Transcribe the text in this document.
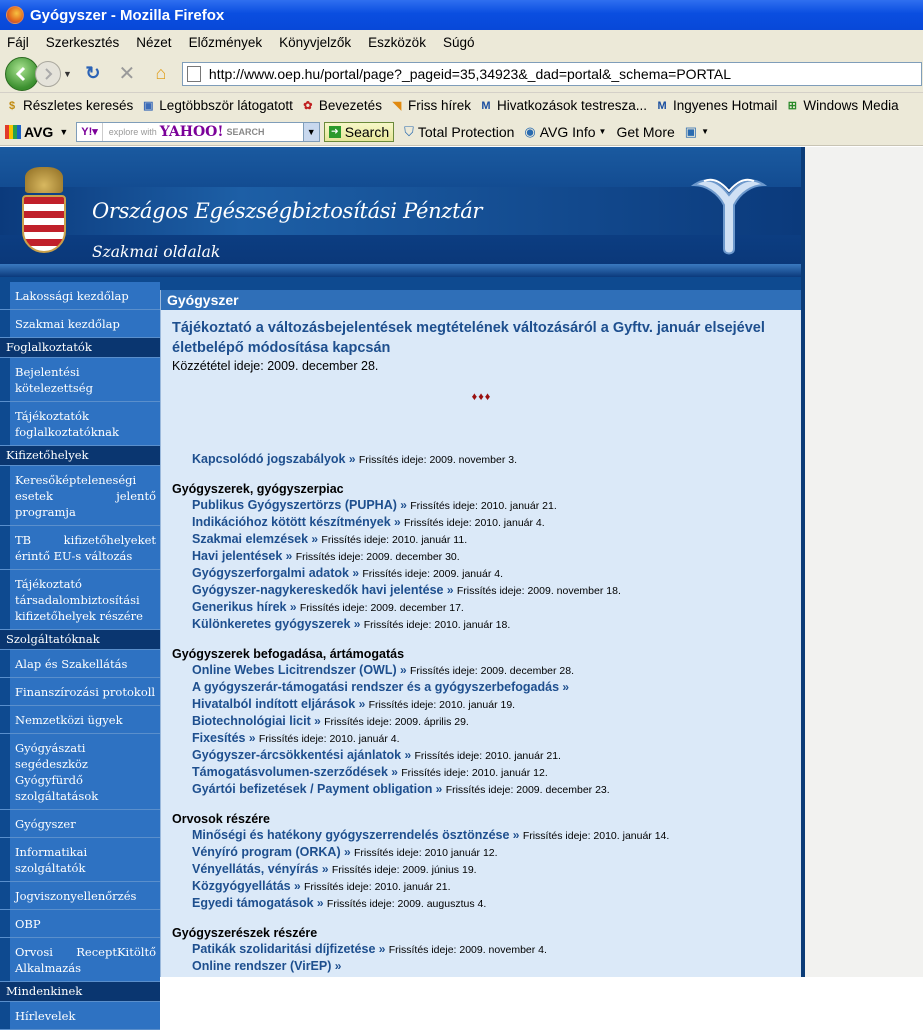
Gyógyszer - Mozilla Firefox
Fájl Szerkesztés Nézet Előzmények Könyvjelzők Eszközök Súgó
▼ ↻ ✕	⌂	http://www.oep.hu/portal/page?_pageid=35,34923&_dad=portal&_schema=PORTAL
$ Részletes keresés ▣ Legtöbbször látogatott ✿ Bevezetés ◥ Friss hírek M Hivatkozások testresza... M Ingyenes Hotmail ⊞ Windows Media
AVG ▼	Y!▾	explore with YAHOO! SEARCH	▼	➜ Search ⛉ Total Protection ◉ AVG Info ▼ Get More ▣ ▼
Országos Egészségbiztosítási Pénztár
Szakmai oldalak
Lakossági kezdőlap
Szakmai kezdőlap
Foglalkoztatók
Bejelentési kötelezettség
Tájékoztatók foglalkoztatóknak
Kifizetőhelyek
Keresőképteleneségi esetek jelentő programja
TB kifizetőhelyeket érintő EU-s változás
Tájékoztató társadalombiztosítási kifizetőhelyek részére
Szolgáltatóknak
Alap és Szakellátás
Finanszírozási protokoll
Nemzetközi ügyek
Gyógyászati segédeszköz Gyógyfürdő szolgáltatások
Gyógyszer
Informatikai szolgáltatók
Jogviszonyellenőrzés
OBP
Orvosi ReceptKitöltő Alkalmazás
Mindenkinek
Hírlevelek
Gyógyszer
Tájékoztató a változásbejelentések megtételének változásáról a Gyftv. január elsejével életbelépő módosítása kapcsán
Közzététel ideje: 2009. december 28.
♦♦♦
Kapcsolódó jogszabályok » Frissítés ideje: 2009. november 3.
Gyógyszerek, gyógyszerpiac
Publikus Gyógyszertörzs (PUPHA) » Frissítés ideje: 2010. január 21.
Indikációhoz kötött készítmények » Frissítés ideje: 2010. január 4.
Szakmai elemzések » Frissítés ideje: 2010. január 11.
Havi jelentések » Frissítés ideje: 2009. december 30.
Gyógyszerforgalmi adatok » Frissítés ideje: 2009. január 4.
Gyógyszer-nagykereskedők havi jelentése » Frissítés ideje: 2009. november 18.
Generikus hírek » Frissítés ideje: 2009. december 17.
Különkeretes gyógyszerek » Frissítés ideje: 2010. január 18.
Gyógyszerek befogadása, ártámogatás
Online Webes Licitrendszer (OWL) » Frissítés ideje: 2009. december 28.
A gyógyszerár-támogatási rendszer és a gyógyszerbefogadás »
Hivatalból indított eljárások » Frissítés ideje: 2010. január 19.
Biotechnológiai licit » Frissítés ideje: 2009. április 29.
Fixesítés » Frissítés ideje: 2010. január 4.
Gyógyszer-árcsökkentési ajánlatok » Frissítés ideje: 2010. január 21.
Támogatásvolumen-szerződések » Frissítés ideje: 2010. január 12.
Gyártói befizetések / Payment obligation » Frissítés ideje: 2009. december 23.
Orvosok részére
Minőségi és hatékony gyógyszerrendelés ösztönzése » Frissítés ideje: 2010. január 14.
Vényíró program (ORKA) » Frissítés ideje: 2010 január 12.
Vényellátás, vényírás » Frissítés ideje: 2009. június 19.
Közgyógyellátás » Frissítés ideje: 2010. január 21.
Egyedi támogatások » Frissítés ideje: 2009. augusztus 4.
Gyógyszerészek részére
Patikák szolidaritási díjfizetése » Frissítés ideje: 2009. november 4.
Online rendszer (VirEP) »
